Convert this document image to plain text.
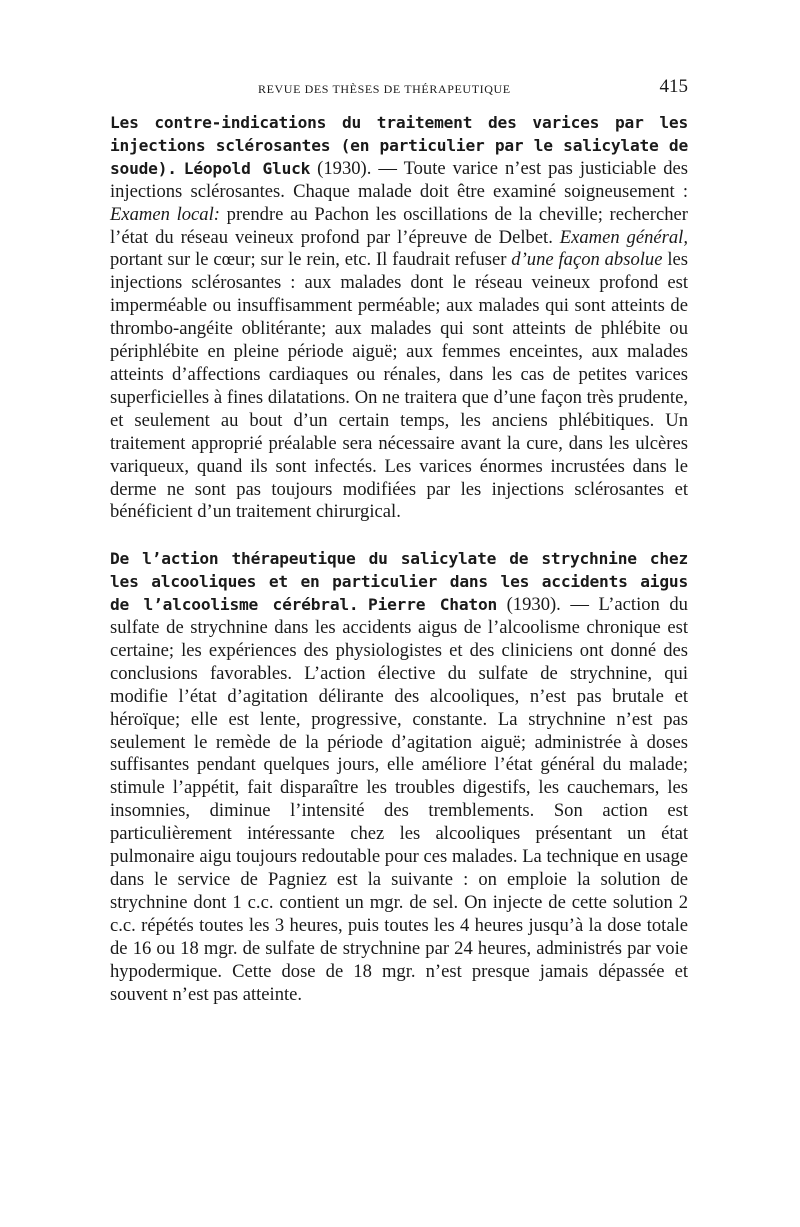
REVUE DES THÈSES DE THÉRAPEUTIQUE	415

Les contre-indications du traitement des varices par les injections sclérosantes (en particulier par le salicylate de soude). Léopold Gluck (1930). — Toute varice n’est pas justiciable des injections sclérosantes. Chaque malade doit être examiné soigneusement : Examen local: prendre au Pachon les oscillations de la cheville; rechercher l’état du réseau veineux profond par l’épreuve de Delbet. Examen général, portant sur le cœur; sur le rein, etc. Il faudrait refuser d’une façon absolue les injections sclérosantes : aux malades dont le réseau veineux profond est imperméable ou insuffisamment perméable; aux malades qui sont atteints de thrombo-angéite oblitérante; aux malades qui sont atteints de phlébite ou périphlébite en pleine période aiguë; aux femmes enceintes, aux malades atteints d’affections cardiaques ou rénales, dans les cas de petites varices superficielles à fines dilatations. On ne traitera que d’une façon très prudente, et seulement au bout d’un certain temps, les anciens phlébitiques. Un traitement approprié préalable sera nécessaire avant la cure, dans les ulcères variqueux, quand ils sont infectés. Les varices énormes incrustées dans le derme ne sont pas toujours modifiées par les injections sclérosantes et bénéficient d’un traitement chirurgical.

De l’action thérapeutique du salicylate de strychnine chez les alcooliques et en particulier dans les accidents aigus de l’alcoolisme cérébral. Pierre Chaton (1930). — L’action du sulfate de strychnine dans les accidents aigus de l’alcoolisme chronique est certaine; les expériences des physiologistes et des cliniciens ont donné des conclusions favorables. L’action élective du sulfate de strychnine, qui modifie l’état d’agitation délirante des alcooliques, n’est pas brutale et héroïque; elle est lente, progressive, constante. La strychnine n’est pas seulement le remède de la période d’agitation aiguë; administrée à doses suffisantes pendant quelques jours, elle améliore l’état général du malade; stimule l’appétit, fait disparaître les troubles digestifs, les cauchemars, les insomnies, diminue l’intensité des tremblements. Son action est particulièrement intéressante chez les alcooliques présentant un état pulmonaire aigu toujours redoutable pour ces malades. La technique en usage dans le service de Pagniez est la suivante : on emploie la solution de strychnine dont 1 c.c. contient un mgr. de sel. On injecte de cette solution 2 c.c. répétés toutes les 3 heures, puis toutes les 4 heures jusqu’à la dose totale de 16 ou 18 mgr. de sulfate de strychnine par 24 heures, administrés par voie hypodermique. Cette dose de 18 mgr. n’est presque jamais dépassée et souvent n’est pas atteinte.
